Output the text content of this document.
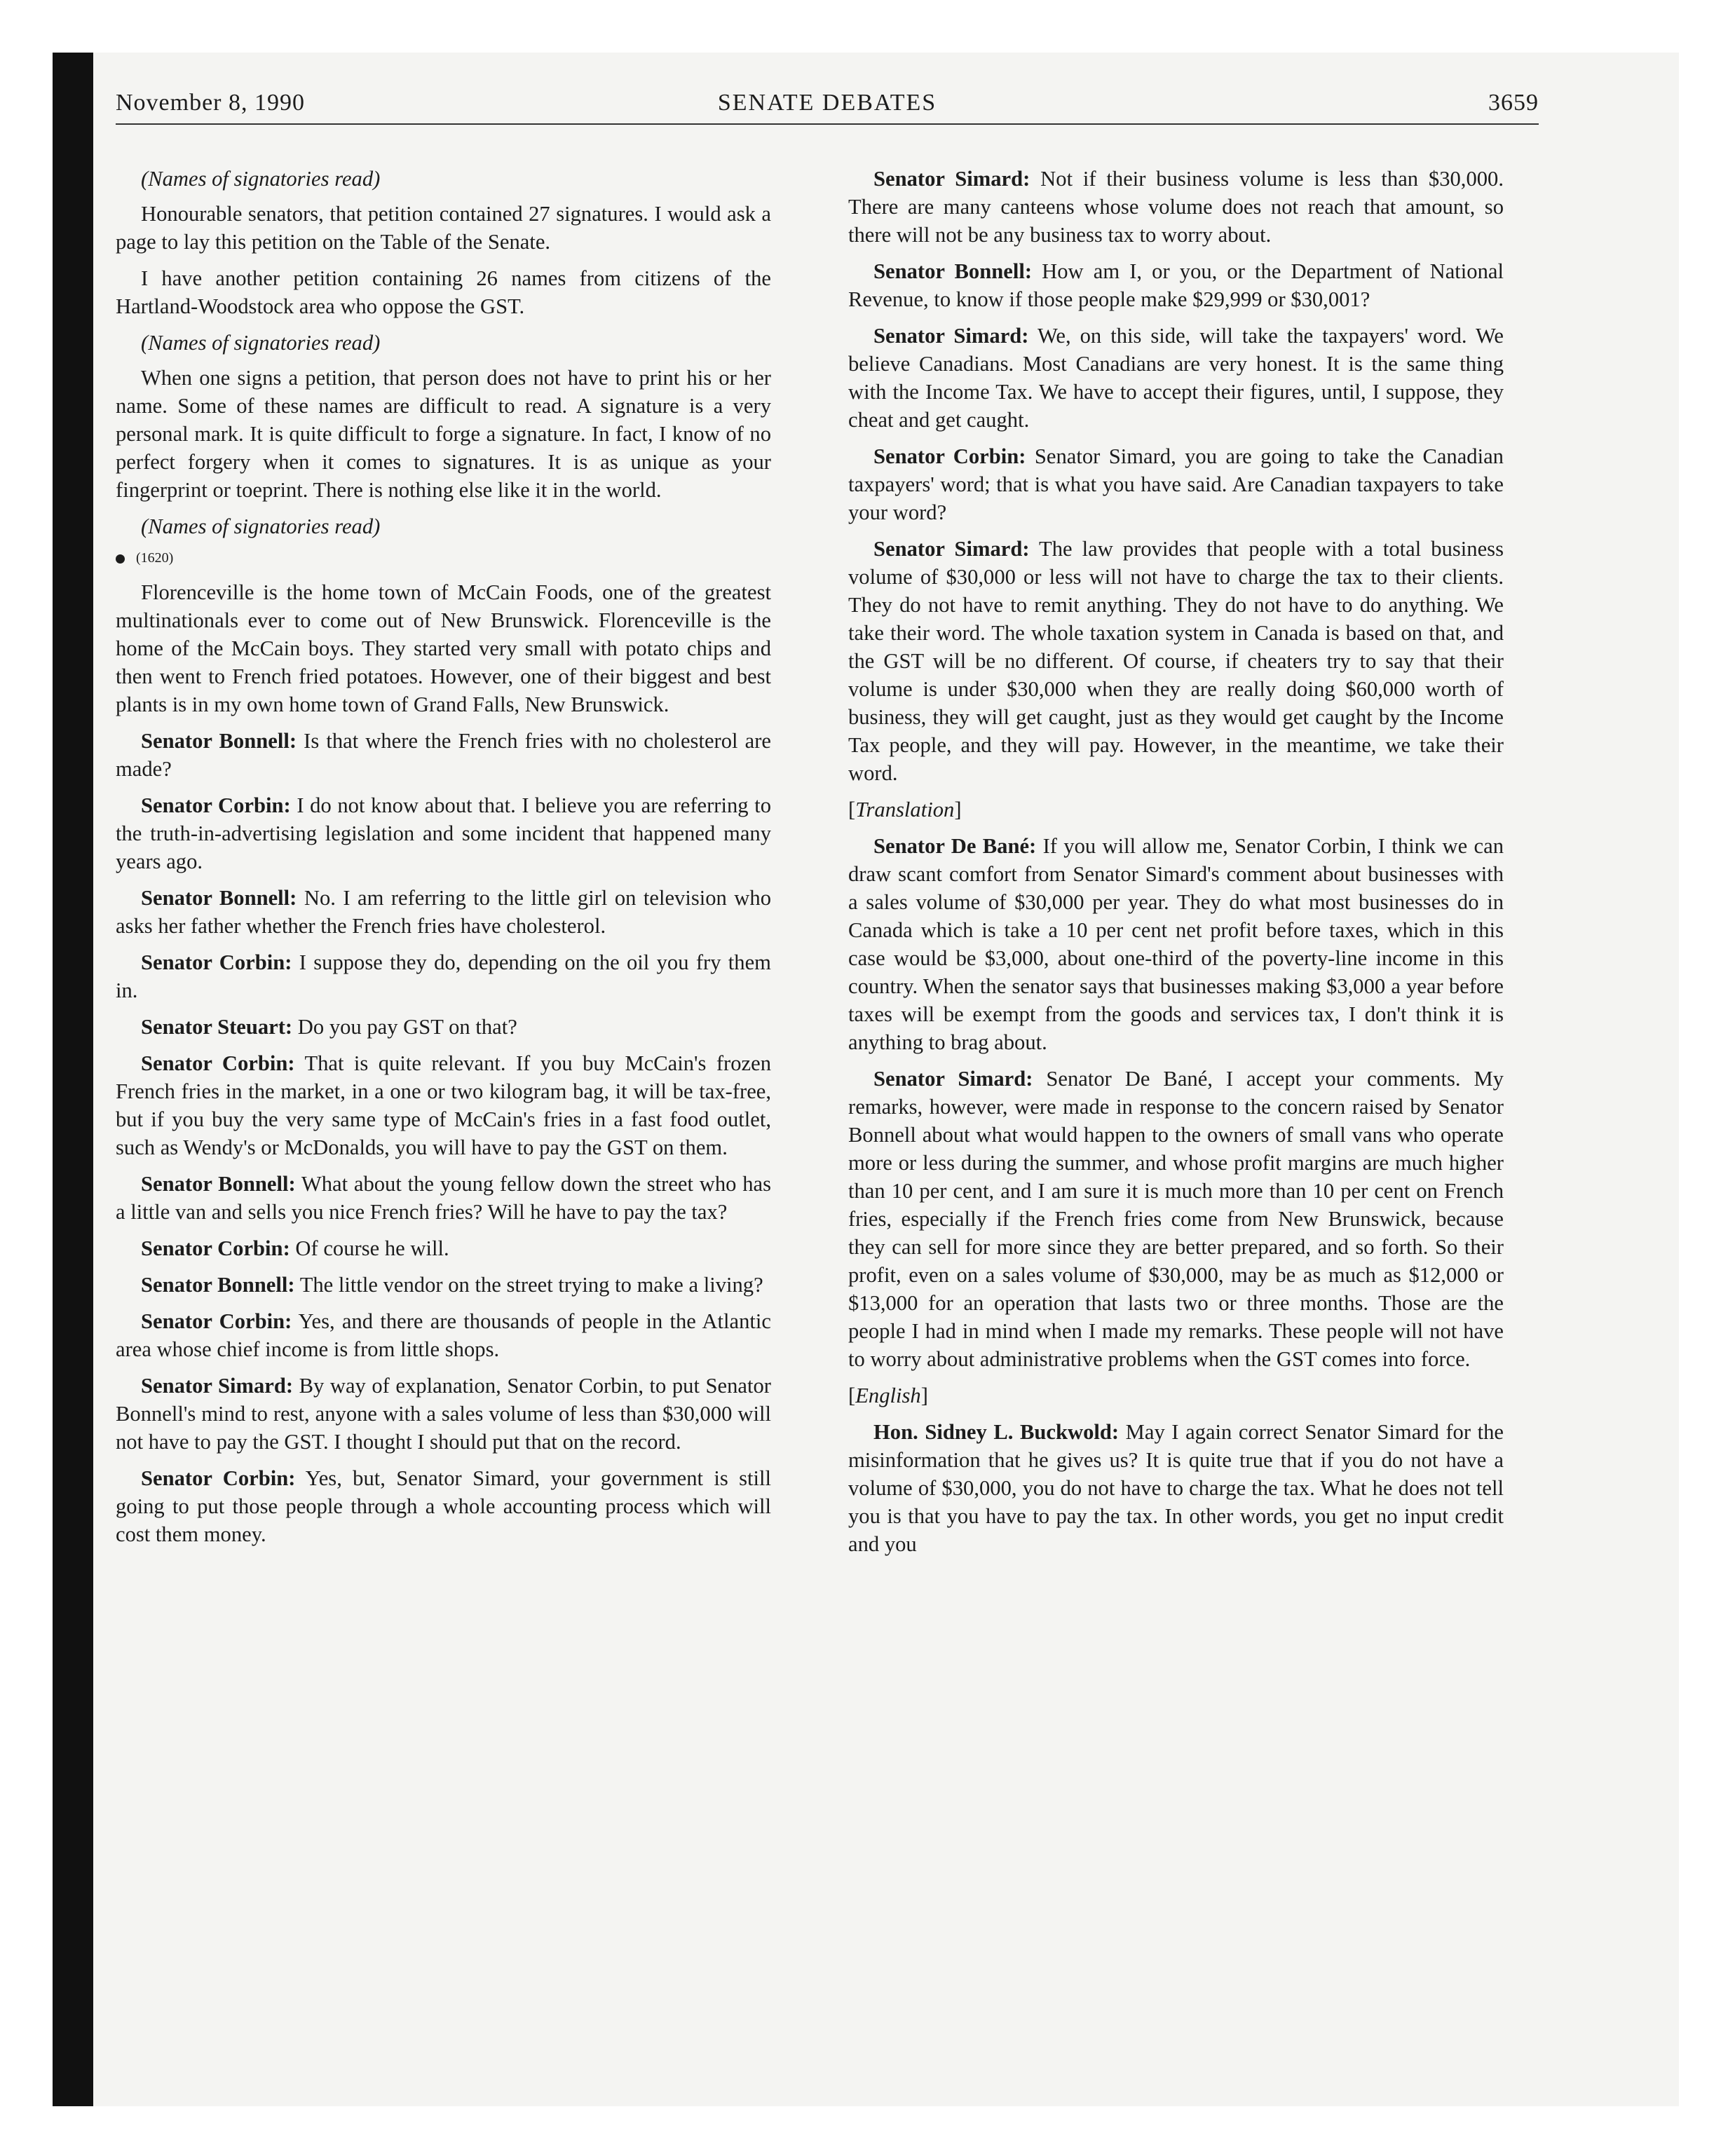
November 8, 1990	SENATE DEBATES	3659

(Names of signatories read)

Honourable senators, that petition contained 27 signatures. I would ask a page to lay this petition on the Table of the Senate.

I have another petition containing 26 names from citizens of the Hartland-Woodstock area who oppose the GST.

(Names of signatories read)

When one signs a petition, that person does not have to print his or her name. Some of these names are difficult to read. A signature is a very personal mark. It is quite difficult to forge a signature. In fact, I know of no perfect forgery when it comes to signatures. It is as unique as your fingerprint or toeprint. There is nothing else like it in the world.

(Names of signatories read)

(1620)

Florenceville is the home town of McCain Foods, one of the greatest multinationals ever to come out of New Brunswick. Florenceville is the home of the McCain boys. They started very small with potato chips and then went to French fried potatoes. However, one of their biggest and best plants is in my own home town of Grand Falls, New Brunswick.

Senator Bonnell: Is that where the French fries with no cholesterol are made?

Senator Corbin: I do not know about that. I believe you are referring to the truth-in-advertising legislation and some incident that happened many years ago.

Senator Bonnell: No. I am referring to the little girl on television who asks her father whether the French fries have cholesterol.

Senator Corbin: I suppose they do, depending on the oil you fry them in.

Senator Steuart: Do you pay GST on that?

Senator Corbin: That is quite relevant. If you buy McCain's frozen French fries in the market, in a one or two kilogram bag, it will be tax-free, but if you buy the very same type of McCain's fries in a fast food outlet, such as Wendy's or McDonalds, you will have to pay the GST on them.

Senator Bonnell: What about the young fellow down the street who has a little van and sells you nice French fries? Will he have to pay the tax?

Senator Corbin: Of course he will.

Senator Bonnell: The little vendor on the street trying to make a living?

Senator Corbin: Yes, and there are thousands of people in the Atlantic area whose chief income is from little shops.

Senator Simard: By way of explanation, Senator Corbin, to put Senator Bonnell's mind to rest, anyone with a sales volume of less than $30,000 will not have to pay the GST. I thought I should put that on the record.

Senator Corbin: Yes, but, Senator Simard, your government is still going to put those people through a whole accounting process which will cost them money.

Senator Simard: Not if their business volume is less than $30,000. There are many canteens whose volume does not reach that amount, so there will not be any business tax to worry about.

Senator Bonnell: How am I, or you, or the Department of National Revenue, to know if those people make $29,999 or $30,001?

Senator Simard: We, on this side, will take the taxpayers' word. We believe Canadians. Most Canadians are very honest. It is the same thing with the Income Tax. We have to accept their figures, until, I suppose, they cheat and get caught.

Senator Corbin: Senator Simard, you are going to take the Canadian taxpayers' word; that is what you have said. Are Canadian taxpayers to take your word?

Senator Simard: The law provides that people with a total business volume of $30,000 or less will not have to charge the tax to their clients. They do not have to remit anything. They do not have to do anything. We take their word. The whole taxation system in Canada is based on that, and the GST will be no different. Of course, if cheaters try to say that their volume is under $30,000 when they are really doing $60,000 worth of business, they will get caught, just as they would get caught by the Income Tax people, and they will pay. However, in the meantime, we take their word.

[Translation]

Senator De Bané: If you will allow me, Senator Corbin, I think we can draw scant comfort from Senator Simard's comment about businesses with a sales volume of $30,000 per year. They do what most businesses do in Canada which is take a 10 per cent net profit before taxes, which in this case would be $3,000, about one-third of the poverty-line income in this country. When the senator says that businesses making $3,000 a year before taxes will be exempt from the goods and services tax, I don't think it is anything to brag about.

Senator Simard: Senator De Bané, I accept your comments. My remarks, however, were made in response to the concern raised by Senator Bonnell about what would happen to the owners of small vans who operate more or less during the summer, and whose profit margins are much higher than 10 per cent, and I am sure it is much more than 10 per cent on French fries, especially if the French fries come from New Brunswick, because they can sell for more since they are better prepared, and so forth. So their profit, even on a sales volume of $30,000, may be as much as $12,000 or $13,000 for an operation that lasts two or three months. Those are the people I had in mind when I made my remarks. These people will not have to worry about administrative problems when the GST comes into force.

[English]

Hon. Sidney L. Buckwold: May I again correct Senator Simard for the misinformation that he gives us? It is quite true that if you do not have a volume of $30,000, you do not have to charge the tax. What he does not tell you is that you have to pay the tax. In other words, you get no input credit and you
